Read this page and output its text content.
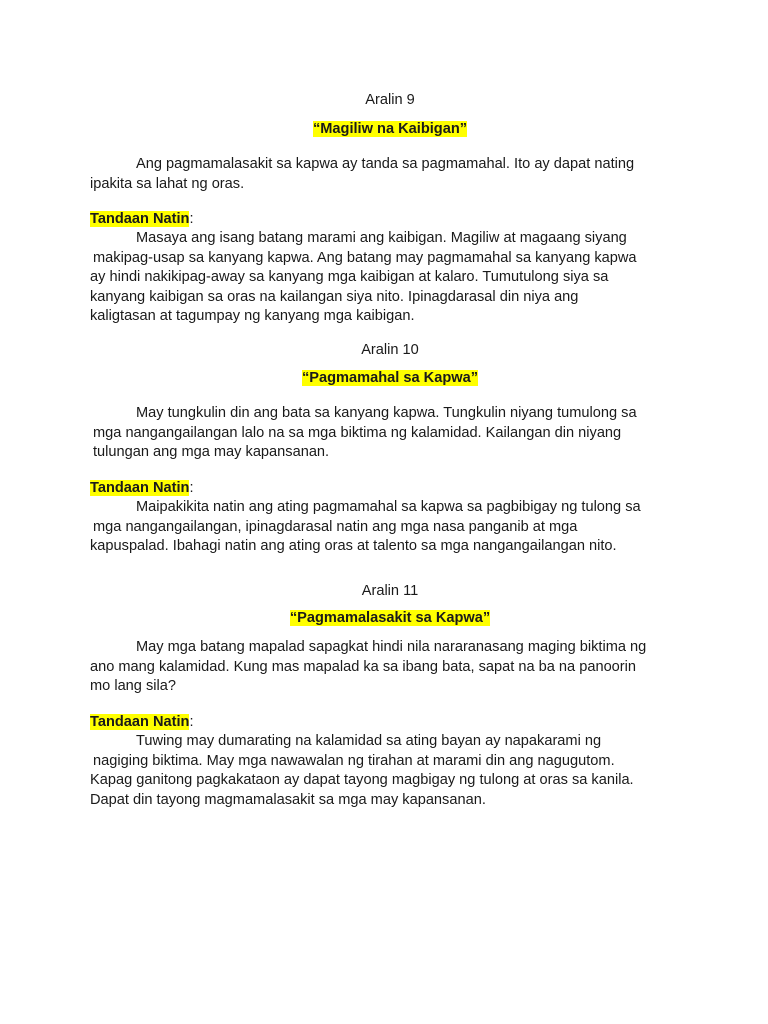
Aralin 9

“Magiliw na Kaibigan”

Ang pagmamalasakit sa kapwa ay tanda sa pagmamahal. Ito ay dapat nating
ipakita sa lahat ng oras.

Tandaan Natin:

Masaya ang isang batang marami ang kaibigan. Magiliw at magaang siyang
makipag-usap sa kanyang kapwa. Ang batang may pagmamahal sa kanyang kapwa
ay hindi nakikipag-away sa kanyang mga kaibigan at kalaro. Tumutulong siya sa
kanyang kaibigan sa oras na kailangan siya nito. Ipinagdarasal din niya ang
kaligtasan at tagumpay ng kanyang mga kaibigan.

Aralin 10

“Pagmamahal sa Kapwa”

May tungkulin din ang bata sa kanyang kapwa. Tungkulin niyang tumulong sa
mga nangangailangan lalo na sa mga biktima ng kalamidad. Kailangan din niyang
tulungan ang mga may kapansanan.

Tandaan Natin:

Maipakikita natin ang ating pagmamahal sa kapwa sa pagbibigay ng tulong sa
mga nangangailangan, ipinagdarasal natin ang mga nasa panganib at mga
kapuspalad. Ibahagi natin ang ating oras at talento sa mga nangangailangan nito.

Aralin 11

“Pagmamalasakit sa Kapwa”

May mga batang mapalad sapagkat hindi nila nararanasang maging biktima ng
ano mang kalamidad. Kung mas mapalad ka sa ibang bata, sapat na ba na panoorin
mo lang sila?

Tandaan Natin:

Tuwing may dumarating na kalamidad sa ating bayan ay napakarami ng
nagiging biktima. May mga nawawalan ng tirahan at marami din ang nagugutom.
Kapag ganitong pagkakataon ay dapat tayong magbigay ng tulong at oras sa kanila.
Dapat din tayong magmamalasakit sa mga may kapansanan.
